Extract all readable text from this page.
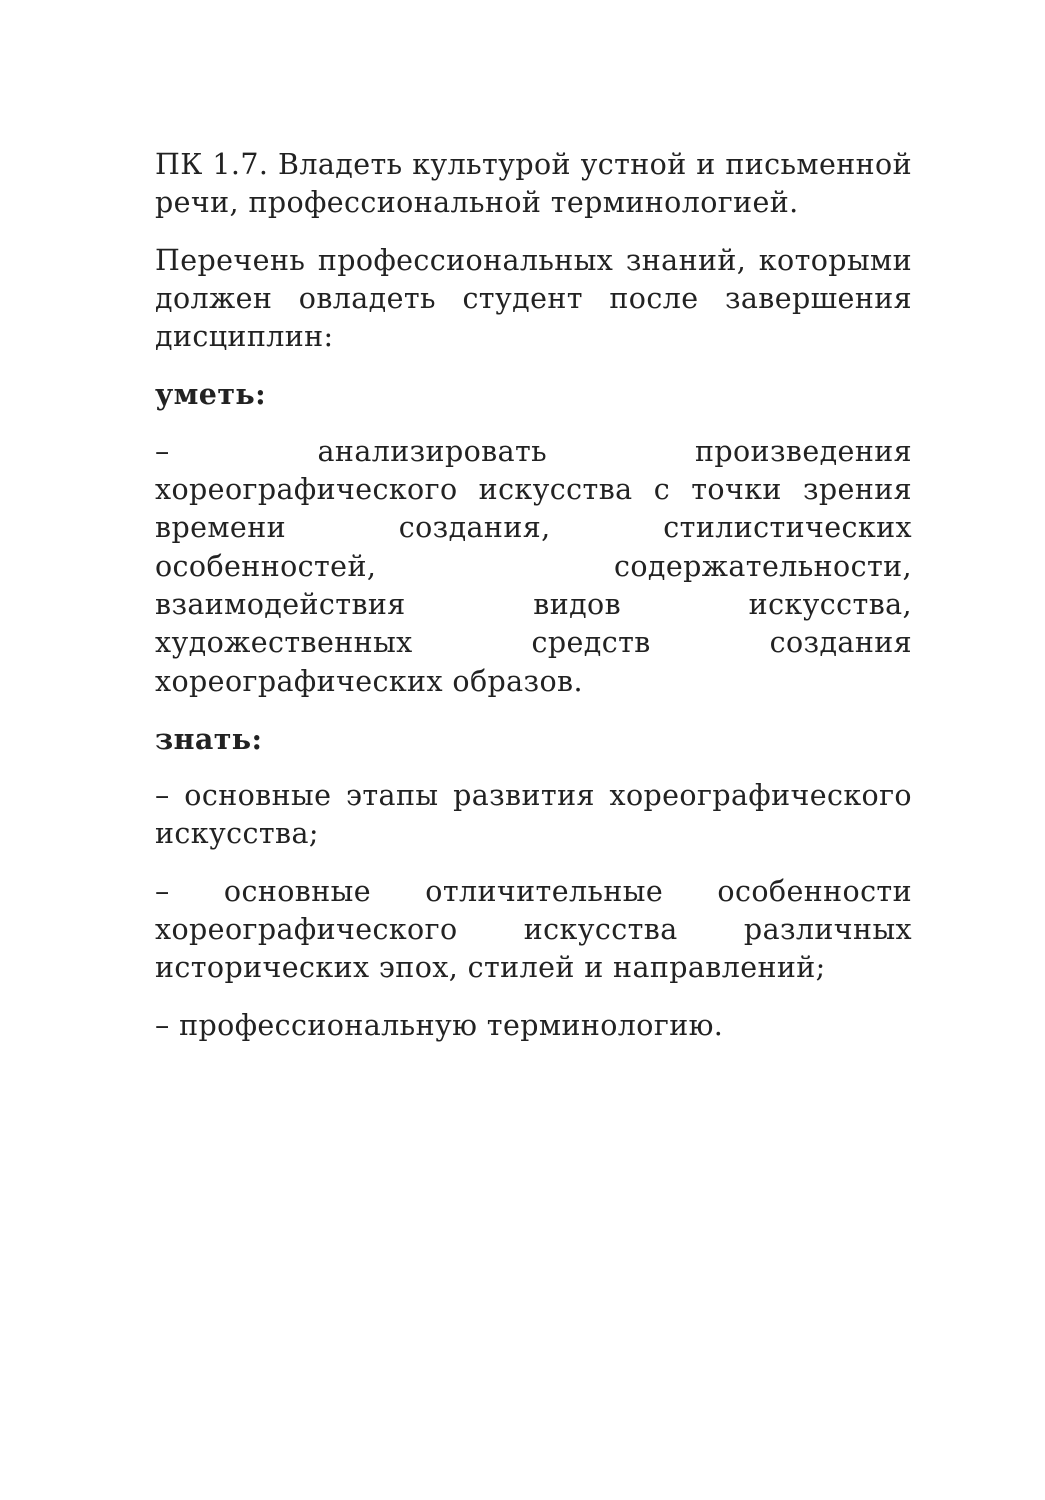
ПК 1.7. Владеть культурой устной и письменной речи, профессиональной терминологией.

Перечень профессиональных знаний, которыми должен овладеть студент после завершения дисциплин:

уметь:

– анализировать произведения хореографического искусства с точки зрения времени создания, стилистических особенностей, содержательности, взаимодействия видов искусства, художественных средств создания хореографических образов.

знать:

– основные этапы развития хореографического искусства;

– основные отличительные особенности хореографического искусства различных исторических эпох, стилей и направлений;

– профессиональную терминологию.
